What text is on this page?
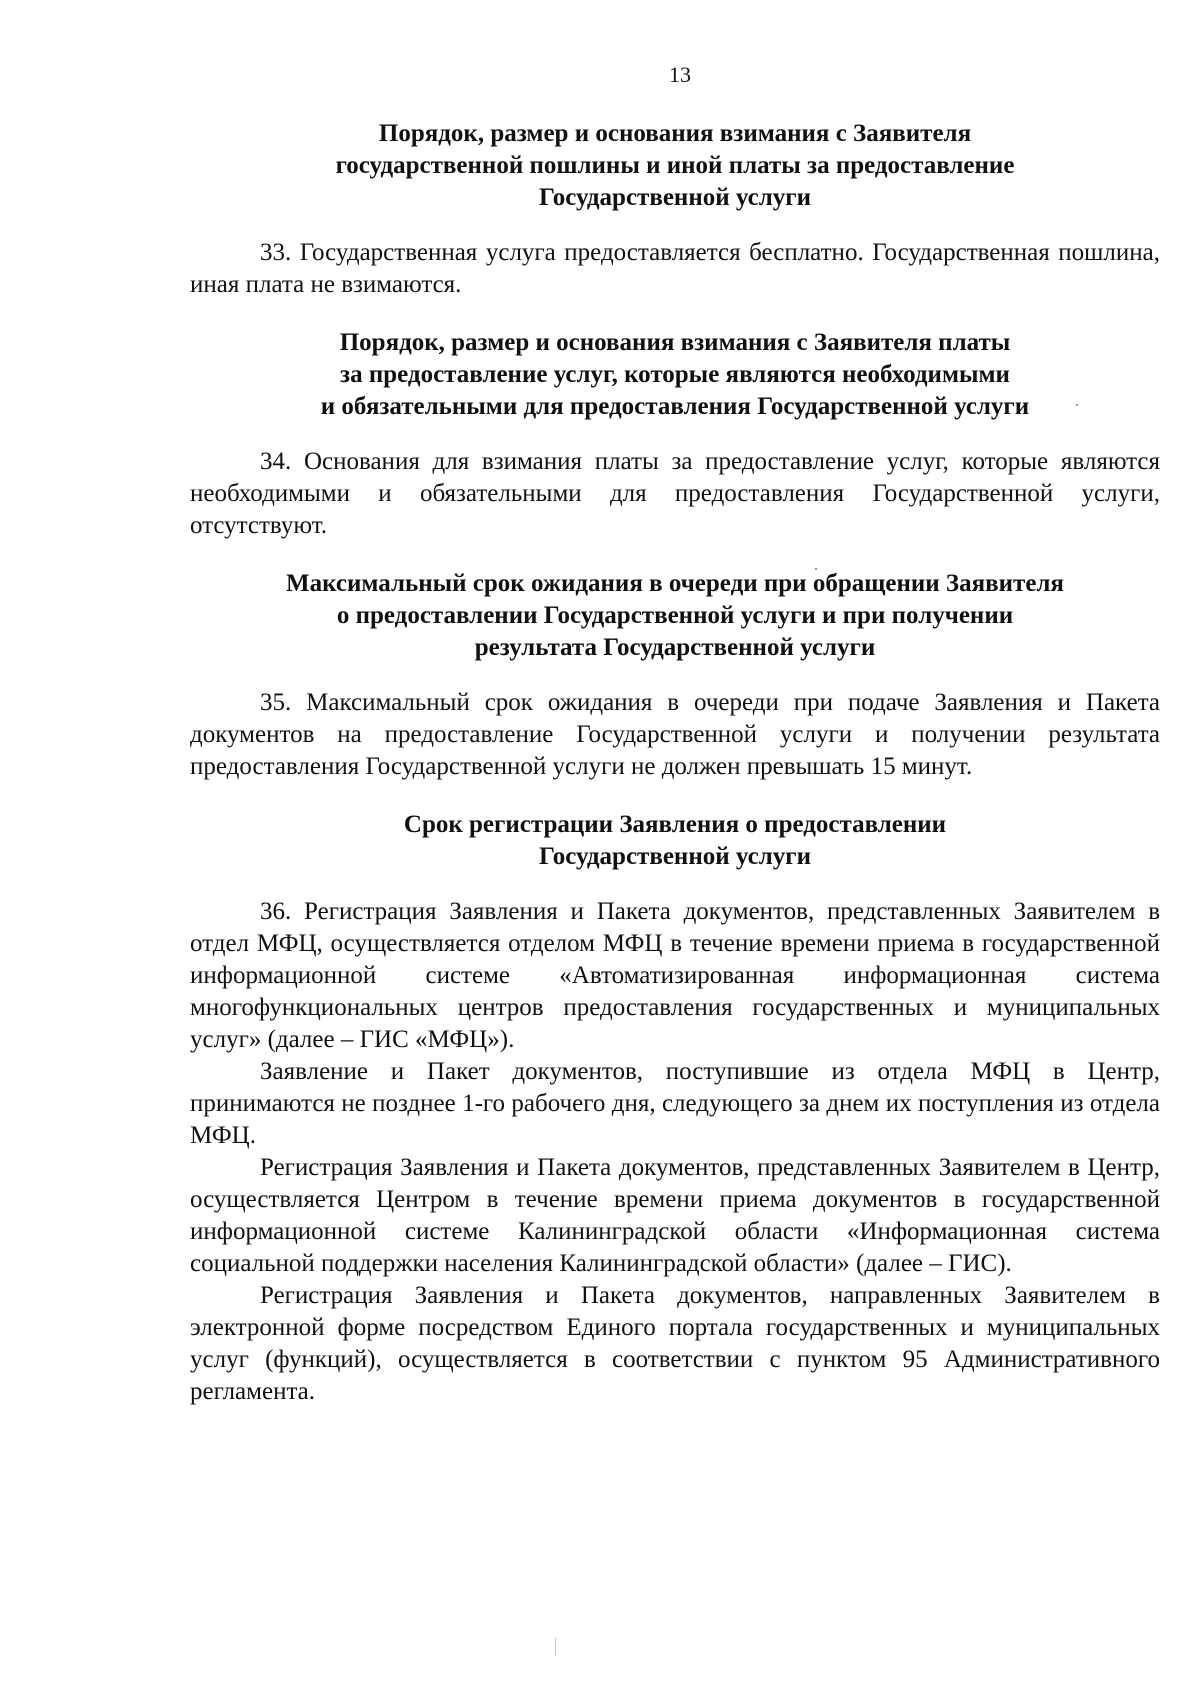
13
Порядок, размер и основания взимания с Заявителя
государственной пошлины и иной платы за предоставление
Государственной услуги

33. Государственная услуга предоставляется бесплатно. Государственная пошлина, иная плата не взимаются.

Порядок, размер и основания взимания с Заявителя платы
за предоставление услуг, которые являются необходимыми
и обязательными для предоставления Государственной услуги

34. Основания для взимания платы за предоставление услуг, которые являются необходимыми и обязательными для предоставления Государственной услуги, отсутствуют.

Максимальный срок ожидания в очереди при обращении Заявителя
о предоставлении Государственной услуги и при получении
результата Государственной услуги

35. Максимальный срок ожидания в очереди при подаче Заявления и Пакета документов на предоставление Государственной услуги и получении результата предоставления Государственной услуги не должен превышать 15 минут.

Срок регистрации Заявления о предоставлении
Государственной услуги

36. Регистрация Заявления и Пакета документов, представленных Заявителем в отдел МФЦ, осуществляется отделом МФЦ в течение времени приема в государственной информационной системе «Автоматизированная информационная система многофункциональных центров предоставления государственных и муниципальных услуг» (далее – ГИС «МФЦ»).

Заявление и Пакет документов, поступившие из отдела МФЦ в Центр, принимаются не позднее 1-го рабочего дня, следующего за днем их поступления из отдела МФЦ.

Регистрация Заявления и Пакета документов, представленных Заявителем в Центр, осуществляется Центром в течение времени приема документов в государственной информационной системе Калининградской области «Информационная система социальной поддержки населения Калининградской области» (далее – ГИС).

Регистрация Заявления и Пакета документов, направленных Заявителем в электронной форме посредством Единого портала государственных и муниципальных услуг (функций), осуществляется в соответствии с пунктом 95 Административного регламента.
